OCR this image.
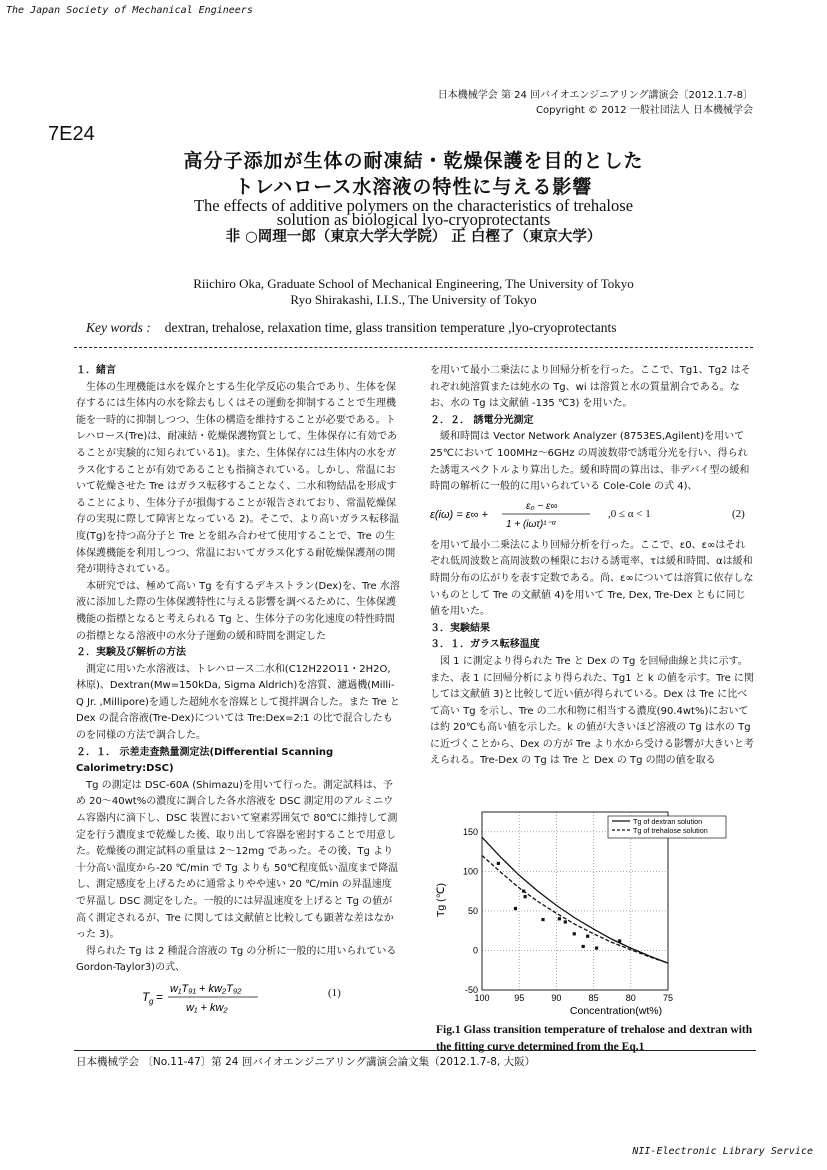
The Japan Society of Mechanical Engineers
日本機械学会 第 24 回バイオエンジニアリング講演会〔2012.1.7-8〕
Copyright © 2012 一般社団法人 日本機械学会
7E24
高分子添加が生体の耐凍結・乾燥保護を目的とした
トレハロース水溶液の特性に与える影響
The effects of additive polymers on the characteristics of trehalose
solution as biological lyo-cryoprotectants
非 ○岡理一郎（東京大学大学院） 正 白樫了（東京大学）
Riichiro Oka, Graduate School of Mechanical Engineering, The University of Tokyo
Ryo Shirakashi, I.I.S., The University of Tokyo
Key words : dextran, trehalose, relaxation time, glass transition temperature ,lyo-cryoprotectants

１．緒言

生体の生理機能は水を媒介とする生化学反応の集合であり、生体を保存するには生体内の水を除去もしくはその運動を抑制することで生理機能を一時的に抑制しつつ、生体の構造を維持することが必要である。トレハロース(Tre)は、耐凍結・乾燥保護物質として、生体保存に有効であることが実験的に知られている1)。また、生体保存には生体内の水をガラス化することが有効であることも指摘されている。しかし、常温において乾燥させた Tre はガラス転移することなく、二水和物結晶を形成することにより、生体分子が損傷することが報告されており、常温乾燥保存の実現に際して障害となっている 2)。そこで、より高いガラス転移温度(Tg)を持つ高分子と Tre とを組み合わせて使用することで、Tre の生体保護機能を利用しつつ、常温においてガラス化する耐乾燥保護剤の開発が期待されている。

本研究では、極めて高い Tg を有するデキストラン(Dex)を、Tre 水溶液に添加した際の生体保護特性に与える影響を調べるために、生体保護機能の指標となると考えられる Tg と、生体分子の劣化速度の特性時間の指標となる溶液中の水分子運動の緩和時間を測定した

２．実験及び解析の方法

測定に用いた水溶液は、トレハロース二水和(C12H22O11・2H2O,林原)、Dextran(Mw=150kDa, Sigma Aldrich)を溶質、濾過機(Milli-Q Jr. ,Millipore)を通した超純水を溶媒として撹拌調合した。また Tre と Dex の混合溶液(Tre-Dex)については Tre:Dex=2:1 の比で混合したものを同様の方法で調合した。

２．１． 示差走査熱量測定法(Differential Scanning Calorimetry:DSC)

Tg の測定は DSC-60A (Shimazu)を用いて行った。測定試料は、予め 20～40wt%の濃度に調合した各水溶液を DSC 測定用のアルミニウム容器内に滴下し、DSC 装置において窒素雰囲気で 80℃に維持して測定を行う濃度まで乾燥した後、取り出して容器を密封することで用意した。乾燥後の測定試料の重量は 2～12mg であった。その後、Tg より十分高い温度から-20 ℃/min で Tg よりも 50℃程度低い温度まで降温し、測定感度を上げるために通常よりやや速い 20 ℃/min の昇温速度で昇温し DSC 測定をした。一般的には昇温速度を上げると Tg の値が高く測定されるが、Tre に関しては文献値と比較しても顕著な差はなかった 3)。

得られた Tg は 2 種混合溶液の Tg の分析に一般的に用いられている Gordon-Taylor3)の式、

T g =
w₁T₉₁ + kw₂T₉₂
w₁ + kw₂
(1)

を用いて最小二乗法により回帰分析を行った。ここで、Tg1、Tg2 はそれぞれ純溶質または純水の Tg、wi は溶質と水の質量割合である。なお、水の Tg は文献値 -135 ℃3) を用いた。

２．２． 誘電分光測定

緩和時間は Vector Network Analyzer (8753ES,Agilent)を用いて 25℃において 100MHz～6GHz の周波数帯で誘電分光を行い、得られた誘電スペクトルより算出した。緩和時間の算出は、非デバイ型の緩和時間の解析に一般的に用いられている Cole-Cole の式 4)、

ε(iω) = ε∞ +
ε₀ − ε∞
1 + (iωτ)¹⁻ᵅ
,0 ≤ α < 1	(2)

を用いて最小二乗法により回帰分析を行った。ここで、ε0、ε∞はそれぞれ低周波数と高周波数の極限における誘電率、τは緩和時間、αは緩和時間分布の広がりを表す定数である。尚、ε∞については溶質に依存しないものとして Tre の文献値 4)を用いて Tre, Dex, Tre-Dex ともに同じ値を用いた。

３．実験結果

３．１．ガラス転移温度

図 1 に測定より得られた Tre と Dex の Tg を回帰曲線と共に示す。また、表 1 に回帰分析により得られた、Tg1 と k の値を示す。Tre に関しては文献値 3)と比較して近い値が得られている。Dex は Tre に比べて高い Tg を示し、Tre の二水和物に相当する濃度(90.4wt%)においては約 20℃も高い値を示した。k の値が大きいほど溶液の Tg は水の Tg に近づくことから、Dex の方が Tre より水から受ける影響が大きいと考えられる。Tre-Dex の Tg は Tre と Dex の Tg の間の値を取る

100	95	90	85	80	75
-50
0
50
100
150
Tg of dextran solution
Tg of trehalose solution
Concentration(wt%)
Tg (℃)
Fig.1 Glass transition temperature of trehalose and dextran with the fitting curve determined from the Eq.1
日本機械学会 〔No.11-47〕第 24 回バイオエンジニアリング講演会論文集（2012.1.7-8, 大阪）
NII-Electronic Library Service
